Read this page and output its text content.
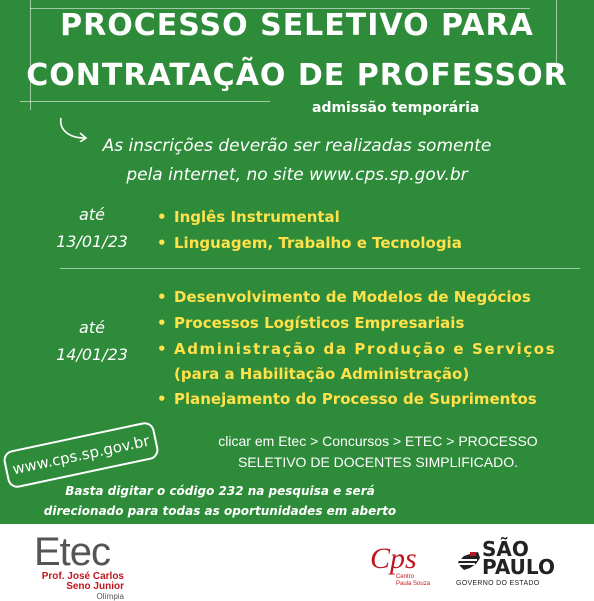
PROCESSO SELETIVO PARA
CONTRATAÇÃO DE PROFESSOR
admissão temporária
As inscrições deverão ser realizadas somente
pela internet, no site www.cps.sp.gov.br
até
13/01/23
• Inglês Instrumental
• Linguagem, Trabalho e Tecnologia
até
14/01/23
• Desenvolvimento de Modelos de Negócios
• Processos Logísticos Empresariais
• Administração da Produção e Serviços
(para a Habilitação Administração)
• Planejamento do Processo de Suprimentos
www.cps.sp.gov.br	clicar em Etec > Concursos > ETEC > PROCESSO
SELETIVO DE DOCENTES SIMPLIFICADO.
Basta digitar o código 232 na pesquisa e será
direcionado para todas as oportunidades em aberto
Etec
Prof. José Carlos
Seno Junior
Olímpia
Cps
Centro
Paula Souza
SÃO
PAULO
GOVERNO DO ESTADO
